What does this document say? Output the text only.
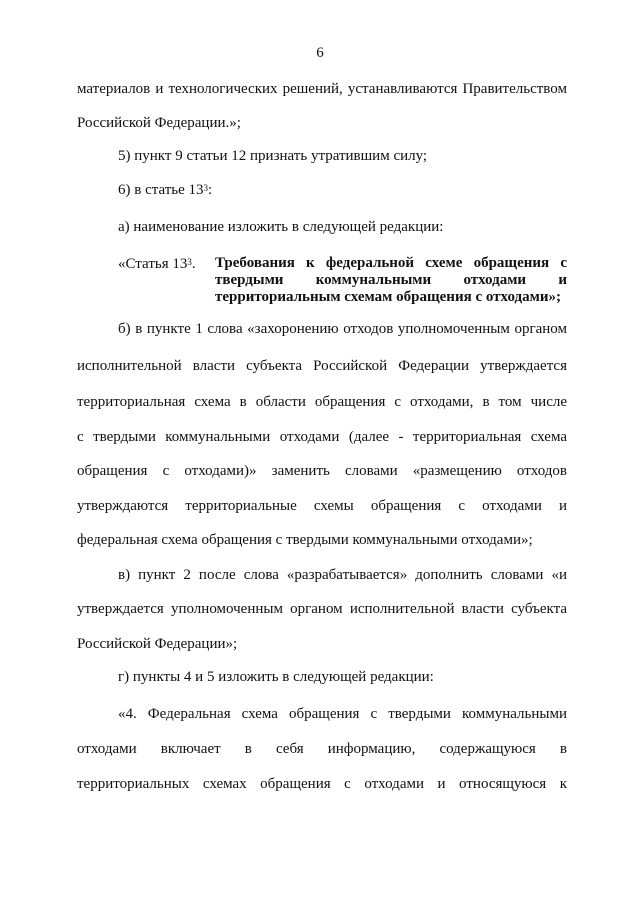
6
материалов и технологических решений, устанавливаются Правительством
Российской Федерации.»;
5) пункт 9 статьи 12 признать утратившим силу;
6) в статье $13^3$:
а) наименование изложить в следующей редакции:
«Статья $13^3$. Требования к федеральной схеме обращения с
твердыми коммунальными отходами и
территориальным схемам обращения с отходами»;
б) в пункте 1 слова «захоронению отходов уполномоченным органом
исполнительной власти субъекта Российской Федерации утверждается
территориальная схема в области обращения с отходами, в том числе
с твердыми коммунальными отходами (далее - территориальная схема
обращения с отходами)» заменить словами «размещению отходов
утверждаются территориальные схемы обращения с отходами и
федеральная схема обращения с твердыми коммунальными отходами»;
в) пункт 2 после слова «разрабатывается» дополнить словами «и
утверждается уполномоченным органом исполнительной власти субъекта
Российской Федерации»;
г) пункты 4 и 5 изложить в следующей редакции:
«4. Федеральная схема обращения с твердыми коммунальными
отходами включает в себя информацию, содержащуюся в
территориальных схемах обращения с отходами и относящуюся к
